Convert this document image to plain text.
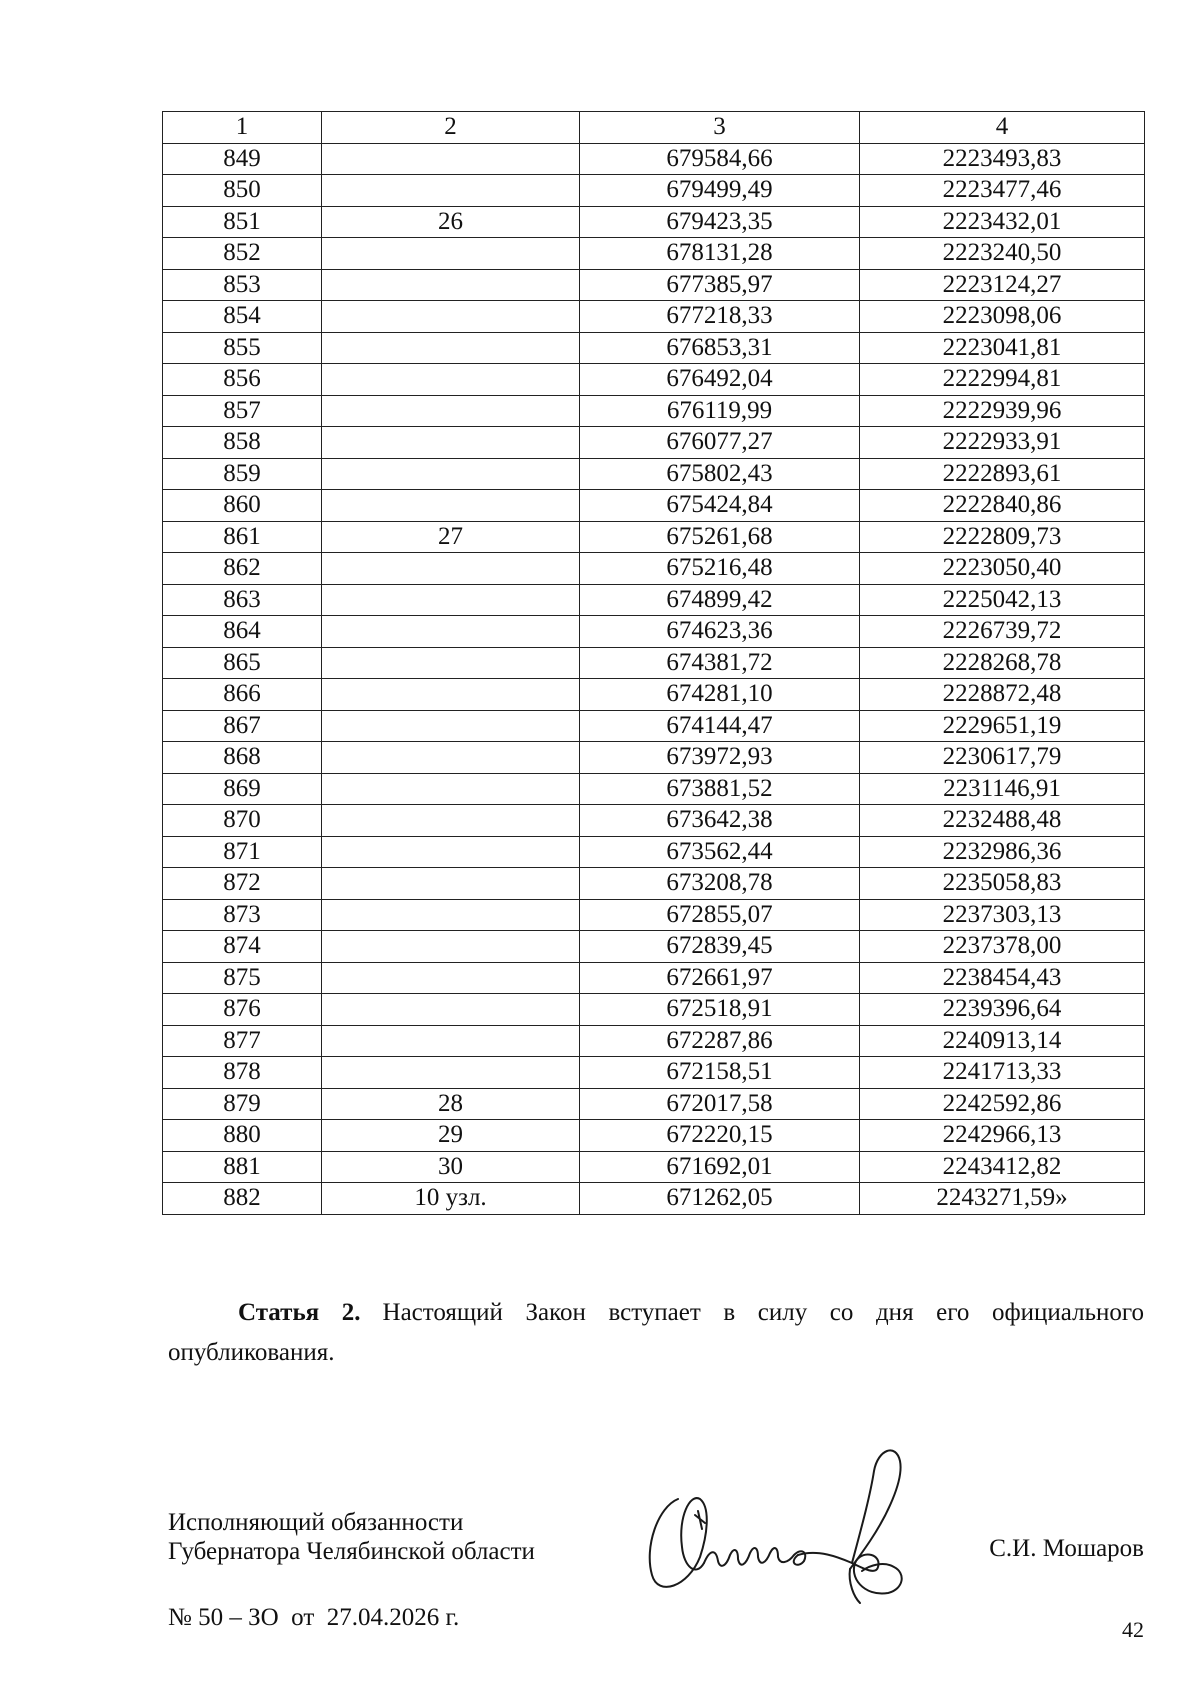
1	2	3	4
849		679584,66	2223493,83
850		679499,49	2223477,46
851	26	679423,35	2223432,01
852		678131,28	2223240,50
853		677385,97	2223124,27
854		677218,33	2223098,06
855		676853,31	2223041,81
856		676492,04	2222994,81
857		676119,99	2222939,96
858		676077,27	2222933,91
859		675802,43	2222893,61
860		675424,84	2222840,86
861	27	675261,68	2222809,73
862		675216,48	2223050,40
863		674899,42	2225042,13
864		674623,36	2226739,72
865		674381,72	2228268,78
866		674281,10	2228872,48
867		674144,47	2229651,19
868		673972,93	2230617,79
869		673881,52	2231146,91
870		673642,38	2232488,48
871		673562,44	2232986,36
872		673208,78	2235058,83
873		672855,07	2237303,13
874		672839,45	2237378,00
875		672661,97	2238454,43
876		672518,91	2239396,64
877		672287,86	2240913,14
878		672158,51	2241713,33
879	28	672017,58	2242592,86
880	29	672220,15	2242966,13
881	30	671692,01	2243412,82
882	10 узл.	671262,05	2243271,59»

Статья 2. Настоящий Закон вступает в силу со дня его официального опубликования.

Исполняющий обязанности
Губернатора Челябинской области	С.И. Мошаров
№ 50 – ЗО  от  27.04.2026 г.	42
